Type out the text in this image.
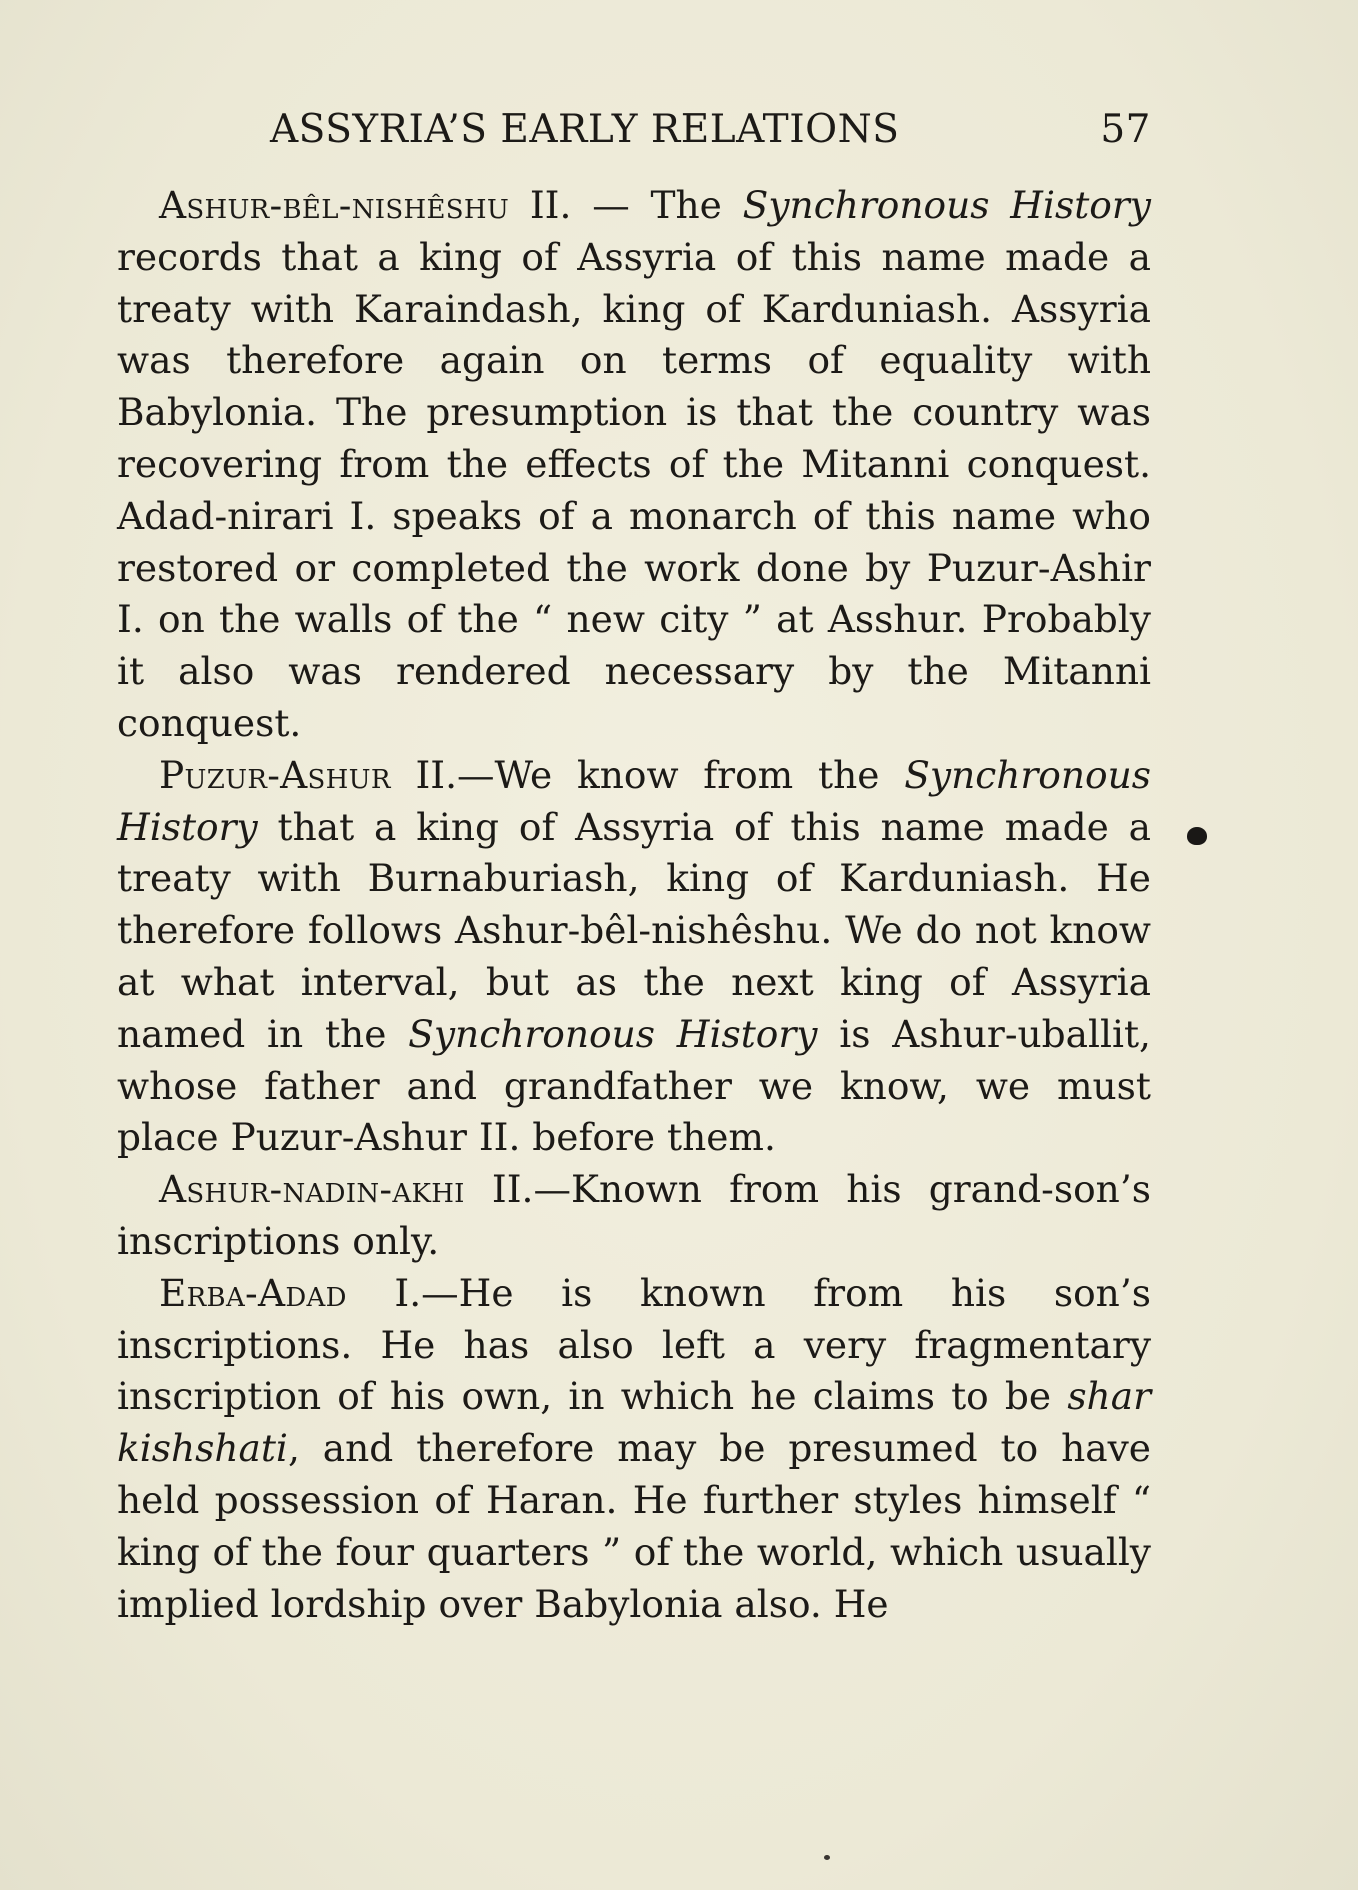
ASSYRIA’S EARLY RELATIONS	57

Ashur-bêl-nishêshu II. — The Synchronous History records that a king of Assyria of this name made a treaty with Karaindash, king of Karduniash. Assyria was therefore again on terms of equality with Babylonia. The presumption is that the country was recovering from the effects of the Mitanni conquest. Adad-nirari I. speaks of a monarch of this name who restored or completed the work done by Puzur-Ashir I. on the walls of the “ new city ” at Asshur. Probably it also was rendered necessary by the Mitanni conquest.

Puzur-Ashur II.—We know from the Synchronous History that a king of Assyria of this name made a treaty with Burnaburiash, king of Karduniash. He therefore follows Ashur-bêl-nishêshu. We do not know at what interval, but as the next king of Assyria named in the Synchronous History is Ashur-uballit, whose father and grandfather we know, we must place Puzur-Ashur II. before them.

Ashur-nadin-akhi II.—Known from his grand-son’s inscriptions only.

Erba-Adad I.—He is known from his son’s inscriptions. He has also left a very fragmentary inscription of his own, in which he claims to be shar kishshati, and therefore may be presumed to have held possession of Haran. He further styles himself “ king of the four quarters ” of the world, which usually implied lordship over Babylonia also. He
